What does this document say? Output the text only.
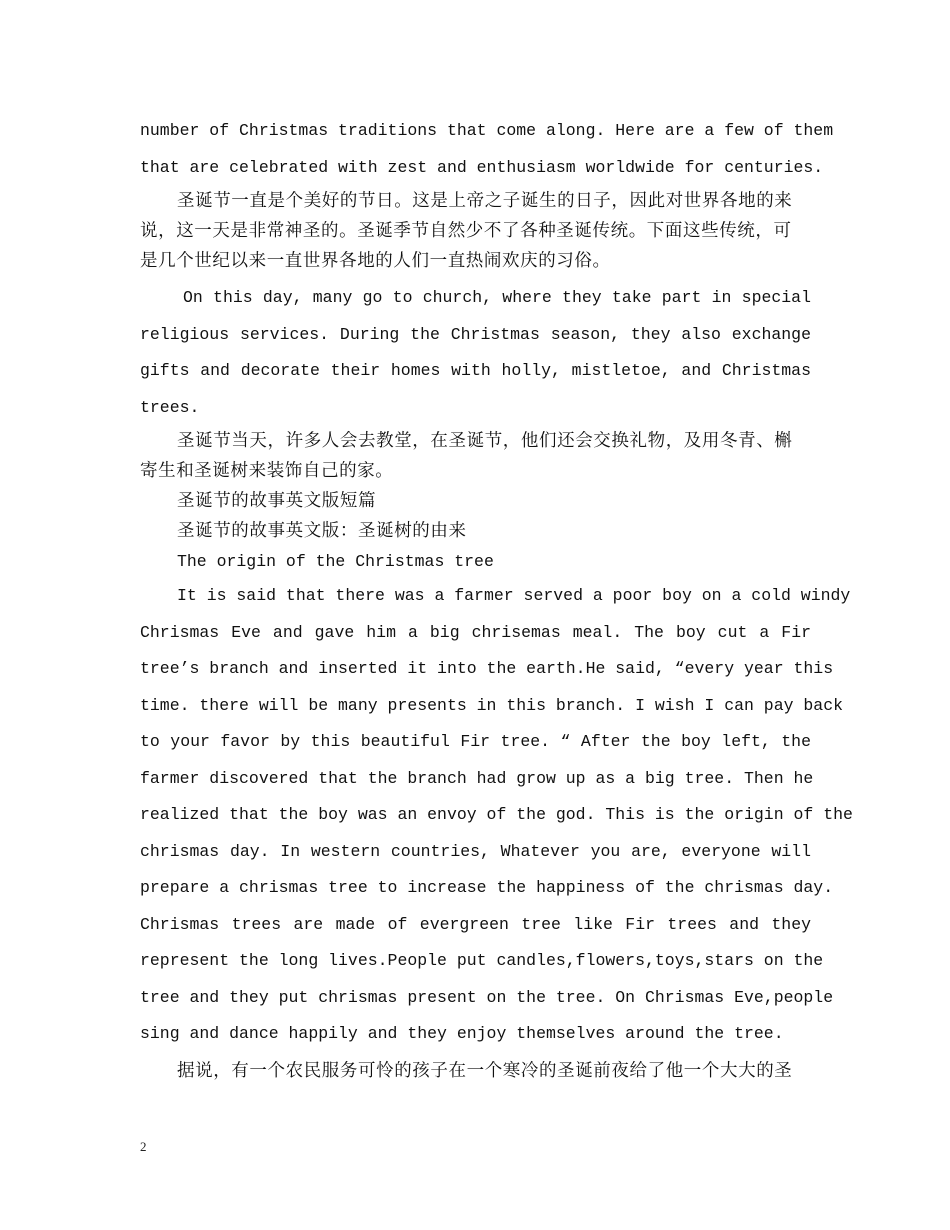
number of Christmas traditions that come along. Here are a few of them
that are celebrated with zest and enthusiasm worldwide for centuries.
圣诞节一直是个美好的节日。这是上帝之子诞生的日子，因此对世界各地的来
说，这一天是非常神圣的。圣诞季节自然少不了各种圣诞传统。下面这些传统，可
是几个世纪以来一直世界各地的人们一直热闹欢庆的习俗。
On this day, many go to church, where they take part in special
religious services. During the Christmas season, they also exchange
gifts and decorate their homes with holly, mistletoe, and Christmas
trees.
圣诞节当天，许多人会去教堂，在圣诞节，他们还会交换礼物，及用冬青、槲
寄生和圣诞树来装饰自己的家。
圣诞节的故事英文版短篇
圣诞节的故事英文版：圣诞树的由来
The origin of the Christmas tree
It is said that there was a farmer served a poor boy on a cold windy
Chrismas Eve and gave him a big chrisemas meal. The boy cut a Fir
tree’s branch and inserted it into the earth.He said, “every year this
time. there will be many presents in this branch. I wish I can pay back
to your favor by this beautiful Fir tree. “ After the boy left, the
farmer discovered that the branch had grow up as a big tree. Then he
realized that the boy was an envoy of the god. This is the origin of the
chrismas day. In western countries, Whatever you are, everyone will
prepare a chrismas tree to increase the happiness of the chrismas day.
Chrismas trees are made of evergreen tree like Fir trees and they
represent the long lives.People put candles,flowers,toys,stars on the
tree and they put chrismas present on the tree. On Chrismas Eve,people
sing and dance happily and they enjoy themselves around the tree.
据说，有一个农民服务可怜的孩子在一个寒冷的圣诞前夜给了他一个大大的圣
2
